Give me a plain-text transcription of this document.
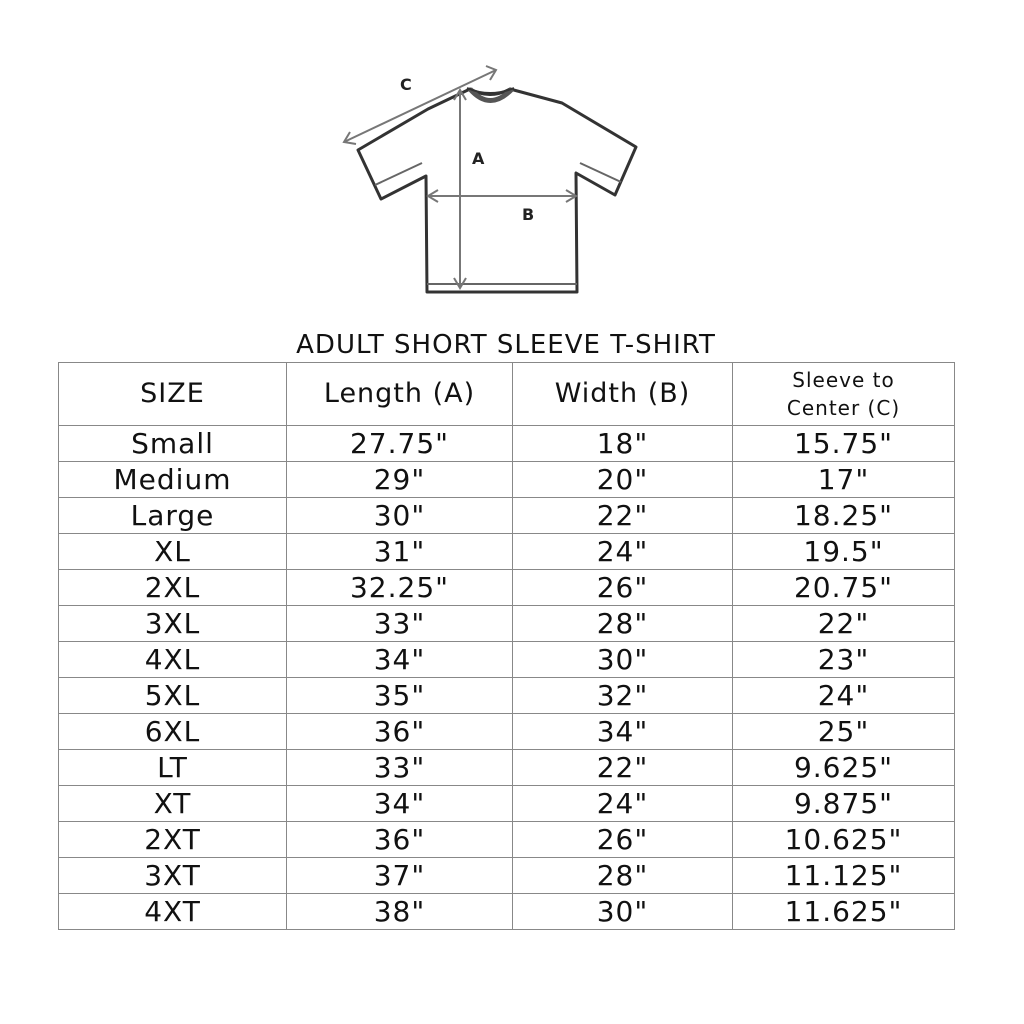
C
A
B
ADULT SHORT SLEEVE T-SHIRT
SIZE	Length (A)	Width (B)	Sleeve to
Center (C)
Small	27.75"	18"	15.75"
Medium	29"	20"	17"
Large	30"	22"	18.25"
XL	31"	24"	19.5"
2XL	32.25"	26"	20.75"
3XL	33"	28"	22"
4XL	34"	30"	23"
5XL	35"	32"	24"
6XL	36"	34"	25"
LT	33"	22"	9.625"
XT	34"	24"	9.875"
2XT	36"	26"	10.625"
3XT	37"	28"	11.125"
4XT	38"	30"	11.625"
